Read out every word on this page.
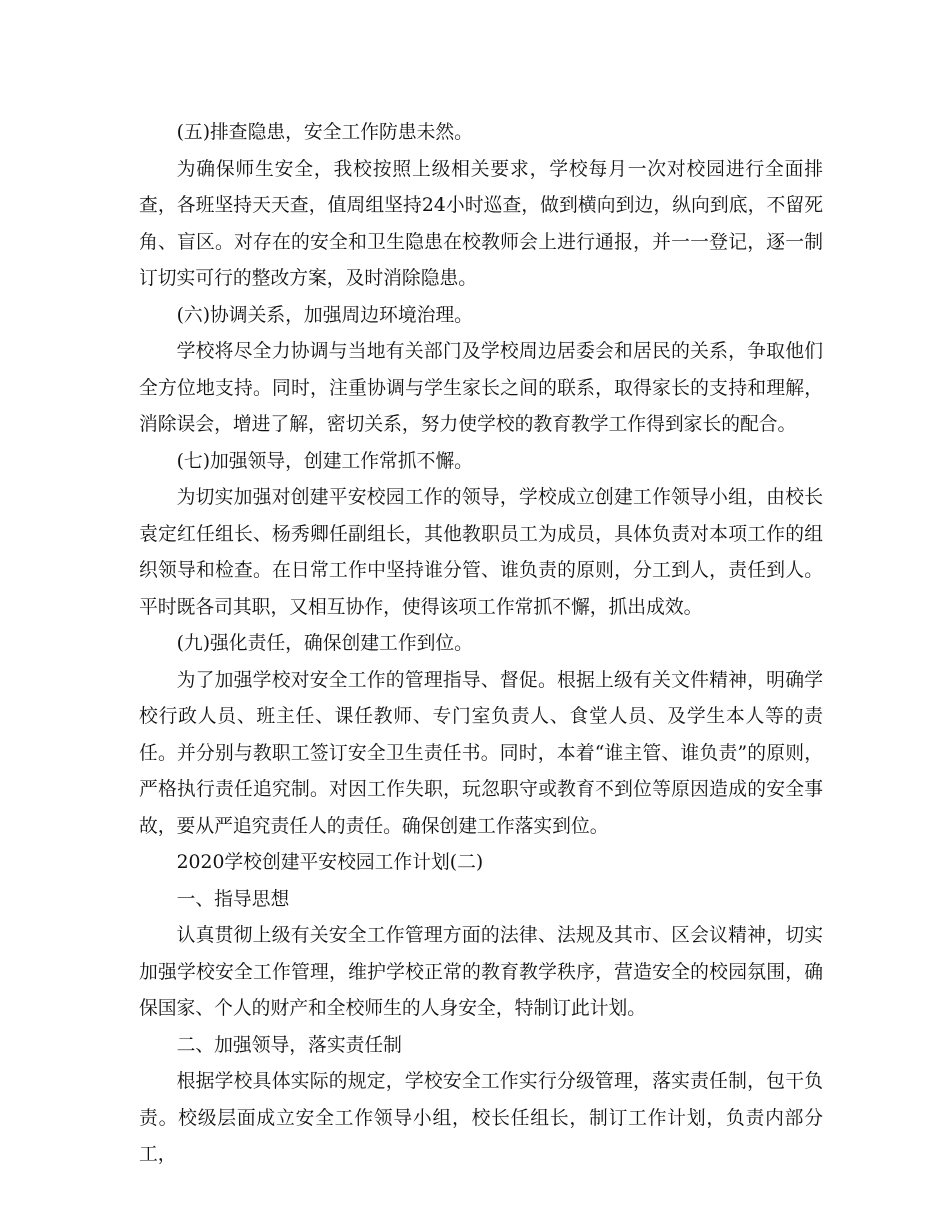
(五)排查隐患，安全工作防患未然。

为确保师生安全，我校按照上级相关要求，学校每月一次对校园进行全面排查，各班坚持天天查，值周组坚持24小时巡查，做到横向到边，纵向到底，不留死角、盲区。对存在的安全和卫生隐患在校教师会上进行通报，并一一登记，逐一制订切实可行的整改方案，及时消除隐患。

(六)协调关系，加强周边环境治理。

学校将尽全力协调与当地有关部门及学校周边居委会和居民的关系，争取他们全方位地支持。同时，注重协调与学生家长之间的联系，取得家长的支持和理解，消除误会，增进了解，密切关系，努力使学校的教育教学工作得到家长的配合。

(七)加强领导，创建工作常抓不懈。

为切实加强对创建平安校园工作的领导，学校成立创建工作领导小组，由校长袁定红任组长、杨秀卿任副组长，其他教职员工为成员，具体负责对本项工作的组织领导和检查。在日常工作中坚持谁分管、谁负责的原则，分工到人，责任到人。平时既各司其职，又相互协作，使得该项工作常抓不懈，抓出成效。

(九)强化责任，确保创建工作到位。

为了加强学校对安全工作的管理指导、督促。根据上级有关文件精神，明确学校行政人员、班主任、课任教师、专门室负责人、食堂人员、及学生本人等的责任。并分别与教职工签订安全卫生责任书。同时，本着“谁主管、谁负责”的原则，严格执行责任追究制。对因工作失职，玩忽职守或教育不到位等原因造成的安全事故，要从严追究责任人的责任。确保创建工作落实到位。

2020学校创建平安校园工作计划(二)

一、指导思想

认真贯彻上级有关安全工作管理方面的法律、法规及其市、区会议精神，切实加强学校安全工作管理，维护学校正常的教育教学秩序，营造安全的校园氛围，确保国家、个人的财产和全校师生的人身安全，特制订此计划。

二、加强领导，落实责任制

根据学校具体实际的规定，学校安全工作实行分级管理，落实责任制，包干负责。校级层面成立安全工作领导小组，校长任组长，制订工作计划，负责内部分工，
